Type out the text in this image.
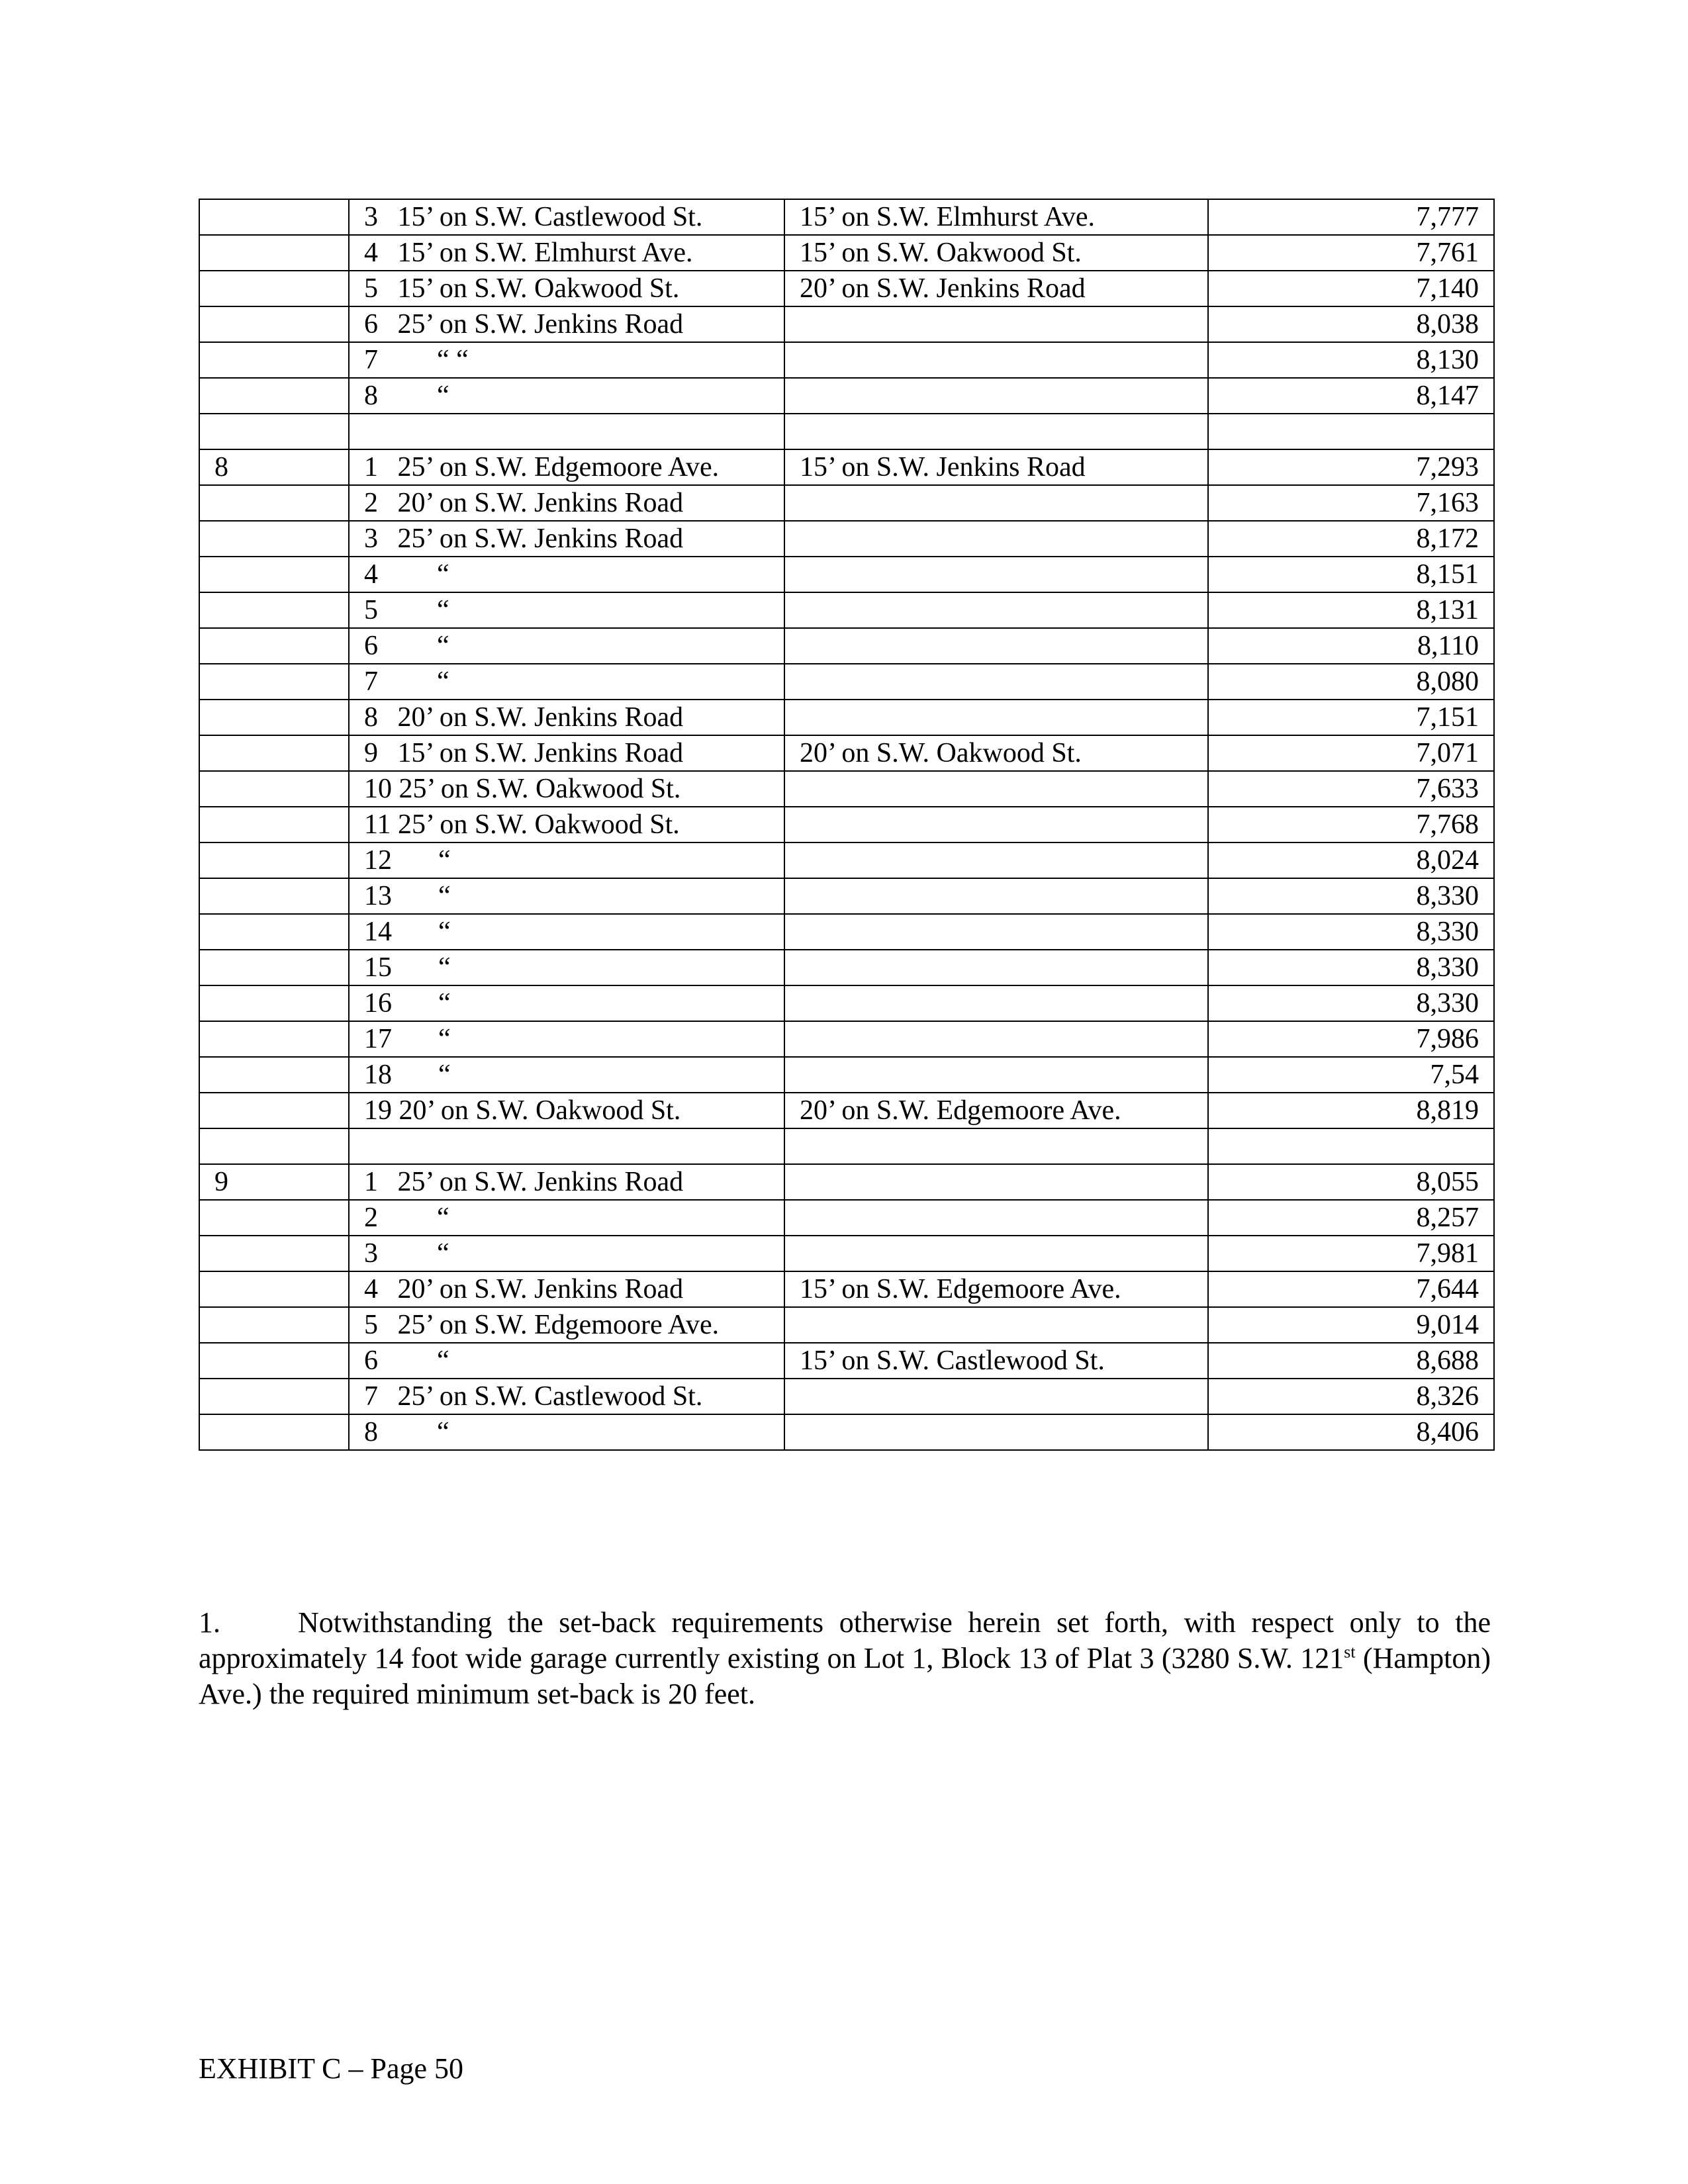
	3 15’ on S.W. Castlewood St.	15’ on S.W. Elmhurst Ave.	7,777
	4 15’ on S.W. Elmhurst Ave.	15’ on S.W. Oakwood St.	7,761
	5 15’ on S.W. Oakwood St.	20’ on S.W. Jenkins Road	7,140
	6 25’ on S.W. Jenkins Road		8,038
	7 “ “		8,130
	8 “		8,147

8	1 25’ on S.W. Edgemoore Ave.	15’ on S.W. Jenkins Road	7,293
	2 20’ on S.W. Jenkins Road		7,163
	3 25’ on S.W. Jenkins Road		8,172
	4 “		8,151
	5 “		8,131
	6 “		8,110
	7 “		8,080
	8 20’ on S.W. Jenkins Road		7,151
	9 15’ on S.W. Jenkins Road	20’ on S.W. Oakwood St.	7,071
	10 25’ on S.W. Oakwood St.		7,633
	11 25’ on S.W. Oakwood St.		7,768
	12 “		8,024
	13 “		8,330
	14 “		8,330
	15 “		8,330
	16 “		8,330
	17 “		7,986
	18 “		7,54
	19 20’ on S.W. Oakwood St.	20’ on S.W. Edgemoore Ave.	8,819

9	1 25’ on S.W. Jenkins Road		8,055
	2 “		8,257
	3 “		7,981
	4 20’ on S.W. Jenkins Road	15’ on S.W. Edgemoore Ave.	7,644
	5 25’ on S.W. Edgemoore Ave.		9,014
	6 “	15’ on S.W. Castlewood St.	8,688
	7 25’ on S.W. Castlewood St.		8,326
	8 “		8,406

1.	Notwithstanding the set-back requirements otherwise herein set forth, with respect only to the approximately 14 foot wide garage currently existing on Lot 1, Block 13 of Plat 3 (3280 S.W. 121st (Hampton) Ave.) the required minimum set-back is 20 feet.

EXHIBIT C – Page 50
